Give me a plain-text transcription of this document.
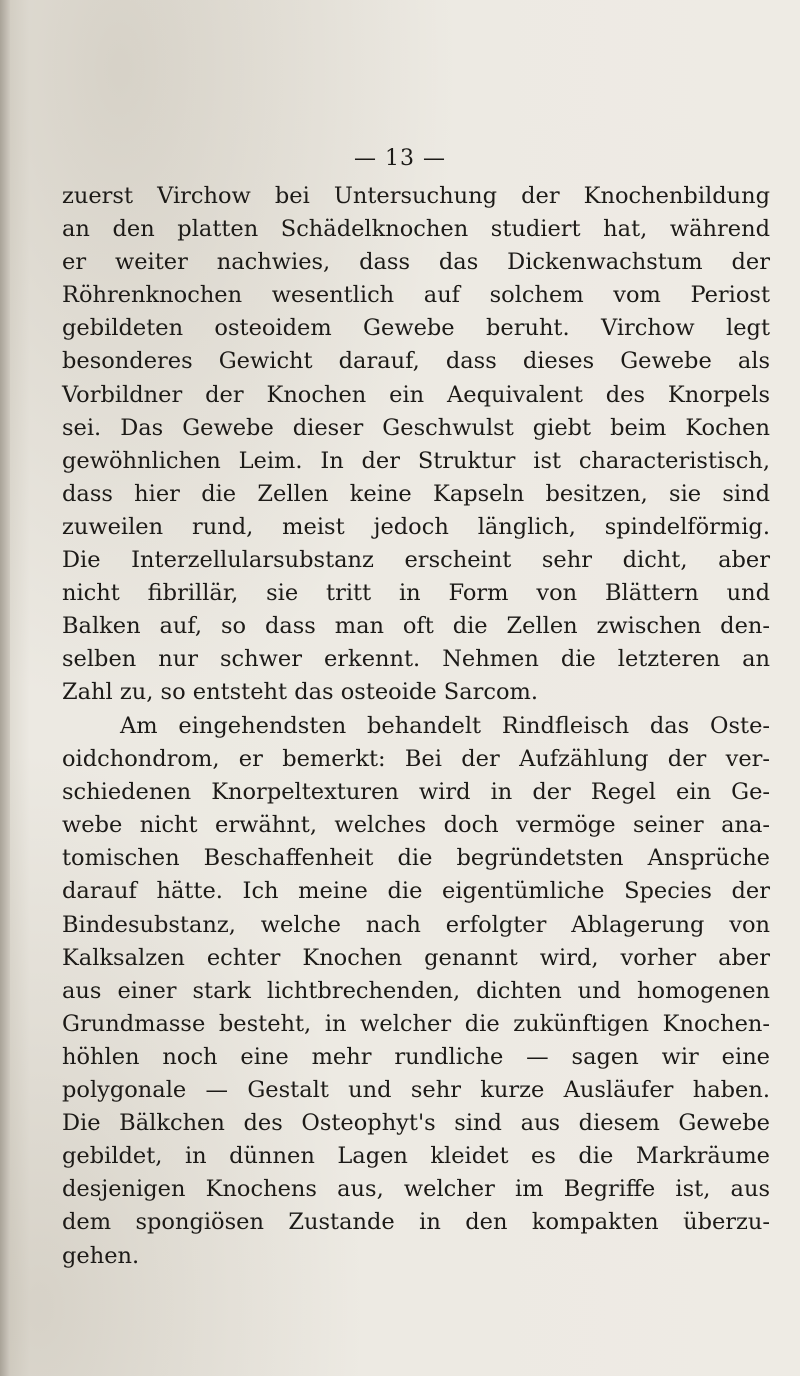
— 13 —
zuerst Virchow bei Untersuchung der Knochenbildung
an den platten Schädelknochen studiert hat, während
er weiter nachwies, dass das Dickenwachstum der
Röhrenknochen wesentlich auf solchem vom Periost
gebildeten osteoidem Gewebe beruht. Virchow legt
besonderes Gewicht darauf, dass dieses Gewebe als
Vorbildner der Knochen ein Aequivalent des Knorpels
sei. Das Gewebe dieser Geschwulst giebt beim Kochen
gewöhnlichen Leim. In der Struktur ist characteristisch,
dass hier die Zellen keine Kapseln besitzen, sie sind
zuweilen rund, meist jedoch länglich, spindelförmig.
Die Interzellularsubstanz erscheint sehr dicht, aber
nicht fibrillär, sie tritt in Form von Blättern und
Balken auf, so dass man oft die Zellen zwischen den-
selben nur schwer erkennt. Nehmen die letzteren an
Zahl zu, so entsteht das osteoide Sarcom.
Am eingehendsten behandelt Rindfleisch das Oste-
oidchondrom, er bemerkt: Bei der Aufzählung der ver-
schiedenen Knorpeltexturen wird in der Regel ein Ge-
webe nicht erwähnt, welches doch vermöge seiner ana-
tomischen Beschaffenheit die begründetsten Ansprüche
darauf hätte. Ich meine die eigentümliche Species der
Bindesubstanz, welche nach erfolgter Ablagerung von
Kalksalzen echter Knochen genannt wird, vorher aber
aus einer stark lichtbrechenden, dichten und homogenen
Grundmasse besteht, in welcher die zukünftigen Knochen-
höhlen noch eine mehr rundliche — sagen wir eine
polygonale — Gestalt und sehr kurze Ausläufer haben.
Die Bälkchen des Osteophyt's sind aus diesem Gewebe
gebildet, in dünnen Lagen kleidet es die Markräume
desjenigen Knochens aus, welcher im Begriffe ist, aus
dem spongiösen Zustande in den kompakten überzu-
gehen.
